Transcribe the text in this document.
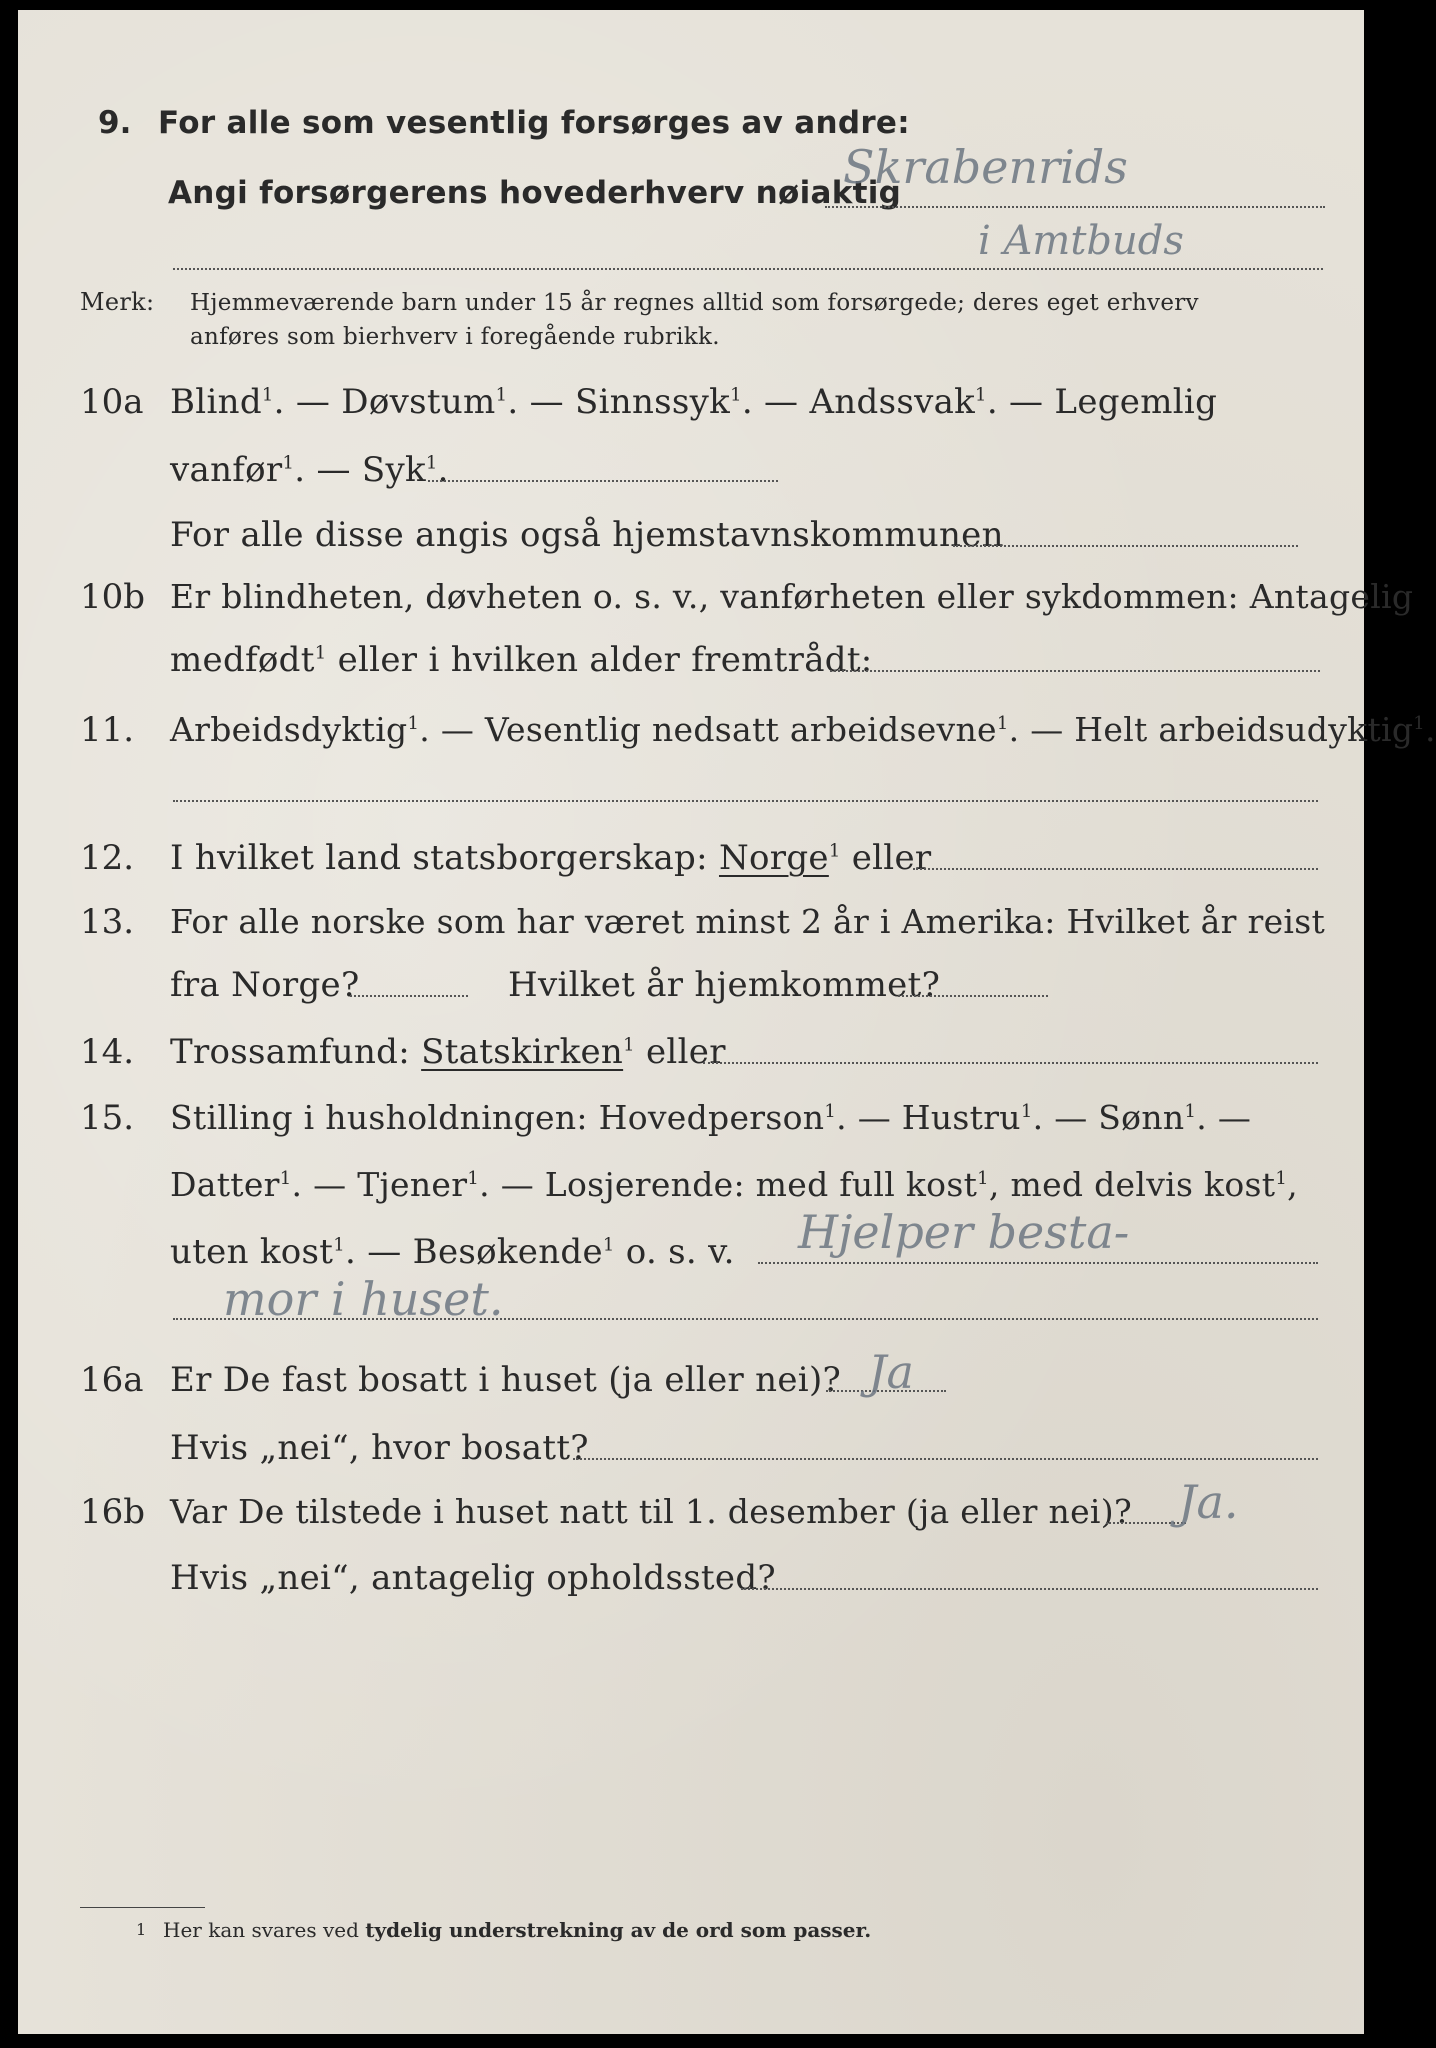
9. For alle som vesentlig forsørges av andre:
Angi forsørgerens hovederhverv nøiaktig
Skrabenrids
i Amtbuds
Merk: Hjemmeværende barn under 15 år regnes alltid som forsørgede; deres eget erhverv
anføres som bierhverv i foregående rubrikk.
10a Blind$^1$. — Døvstum$^1$. — Sinnssyk$^1$. — Andssvak$^1$. — Legemlig
vanfør$^1$. — Syk$^1$.
For alle disse angis også hjemstavnskommunen
10b Er blindheten, døvheten o. s. v., vanførheten eller sykdommen: Antagelig
medfødt$^1$ eller i hvilken alder fremtrådt:
11. Arbeidsdyktig$^1$. — Vesentlig nedsatt arbeidsevne$^1$. — Helt arbeidsudyktig$^1$.
12. I hvilket land statsborgerskap: Norge$^1$ eller
13. For alle norske som har været minst 2 år i Amerika: Hvilket år reist
fra Norge?	Hvilket år hjemkommet?
14. Trossamfund: Statskirken$^1$ eller
15. Stilling i husholdningen: Hovedperson$^1$. — Hustru$^1$. — Sønn$^1$. —
Datter$^1$. — Tjener$^1$. — Losjerende: med full kost$^1$, med delvis kost$^1$,
uten kost$^1$. — Besøkende$^1$ o. s. v. Hjelper besta-
mor i huset.
16a Er De fast bosatt i huset (ja eller nei)? Ja
Hvis „nei“, hvor bosatt?
16b Var De tilstede i huset natt til 1. desember (ja eller nei)? Ja.
Hvis „nei“, antagelig opholdssted?
1 Her kan svares ved tydelig understrekning av de ord som passer.
